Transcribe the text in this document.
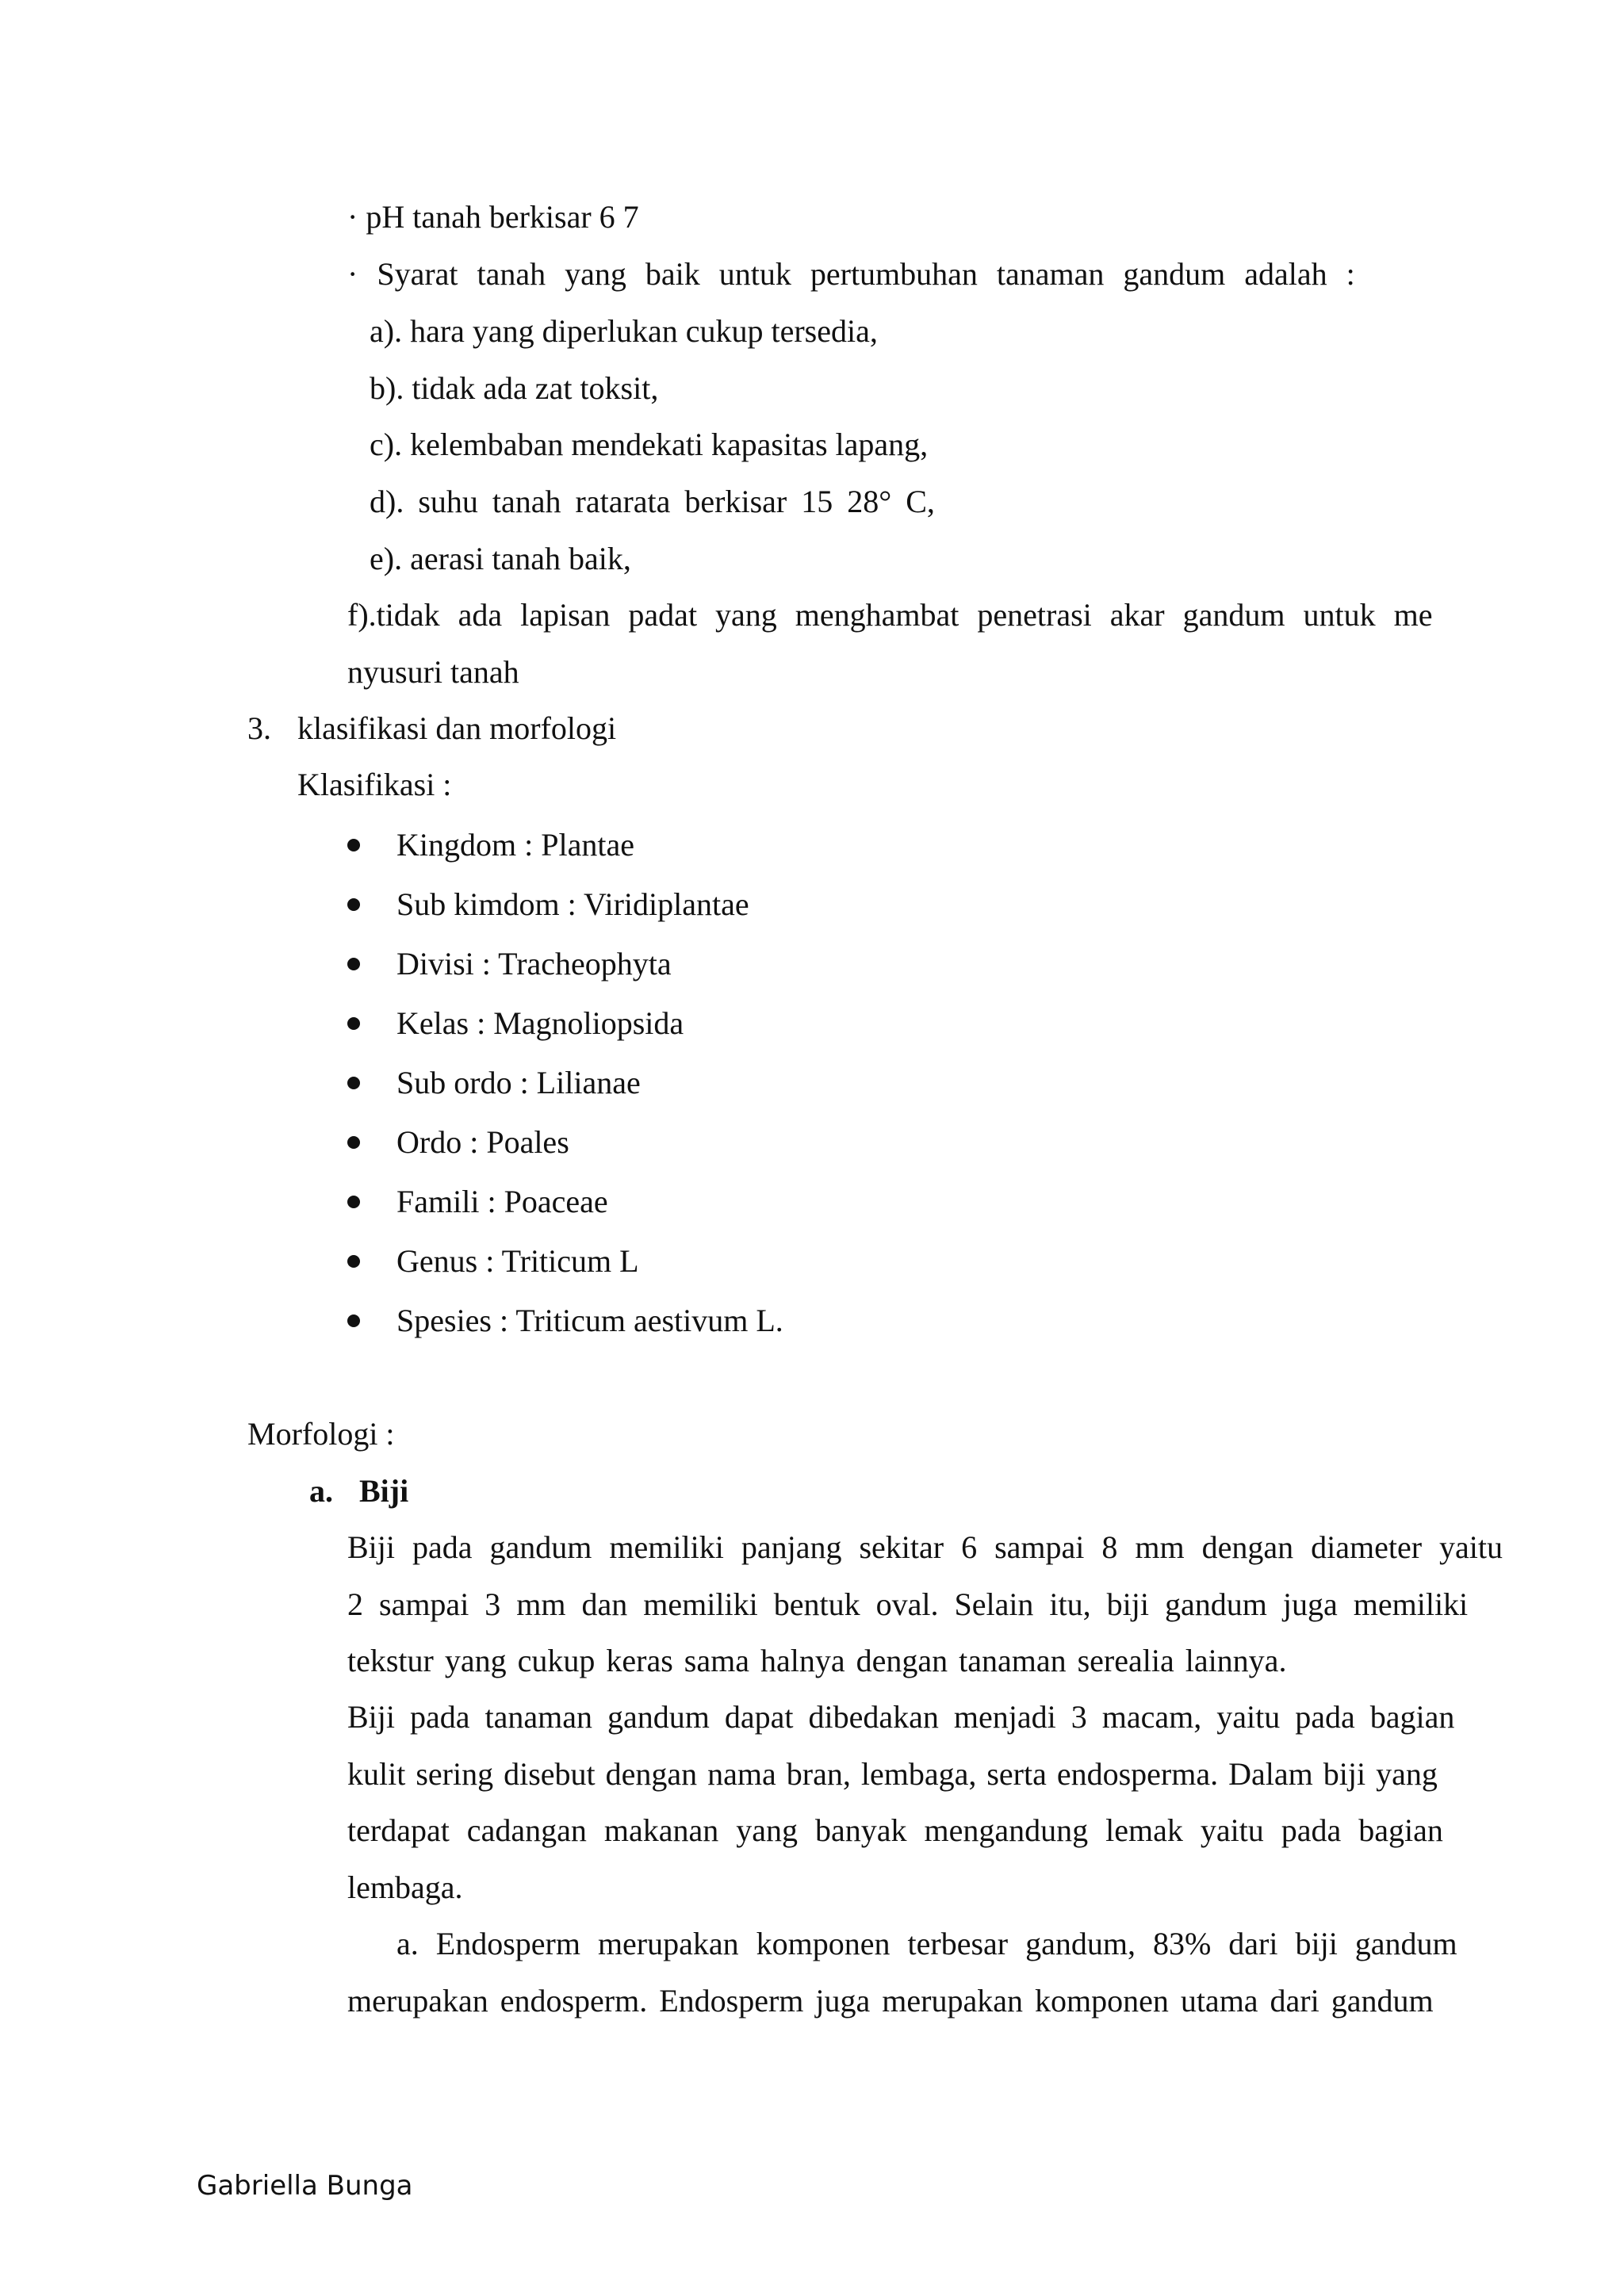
· pH tanah berkisar 6 7
· Syarat tanah yang baik untuk pertumbuhan tanaman gandum adalah :
a). hara yang diperlukan cukup tersedia,
b). tidak ada zat toksit,
c). kelembaban mendekati kapasitas lapang,
d). suhu tanah ratarata berkisar 15 28° C,
e). aerasi tanah baik,
f).tidak ada lapisan padat yang menghambat penetrasi akar gandum untuk me
nyusuri tanah
3. klasifikasi dan morfologi
Klasifikasi :
Kingdom : Plantae
Sub kimdom : Viridiplantae
Divisi : Tracheophyta
Kelas : Magnoliopsida
Sub ordo : Lilianae
Ordo : Poales
Famili : Poaceae
Genus : Triticum L
Spesies : Triticum aestivum L.
Morfologi :
a. Biji
Biji pada gandum memiliki panjang sekitar 6 sampai 8 mm dengan diameter yaitu
2 sampai 3 mm dan memiliki bentuk oval. Selain itu, biji gandum juga memiliki
tekstur yang cukup keras sama halnya dengan tanaman serealia lainnya.
Biji pada tanaman gandum dapat dibedakan menjadi 3 macam, yaitu pada bagian
kulit sering disebut dengan nama bran, lembaga, serta endosperma. Dalam biji yang
terdapat cadangan makanan yang banyak mengandung lemak yaitu pada bagian
lembaga.
a. Endosperm merupakan komponen terbesar gandum, 83% dari biji gandum
merupakan endosperm. Endosperm juga merupakan komponen utama dari gandum
Gabriella Bunga
